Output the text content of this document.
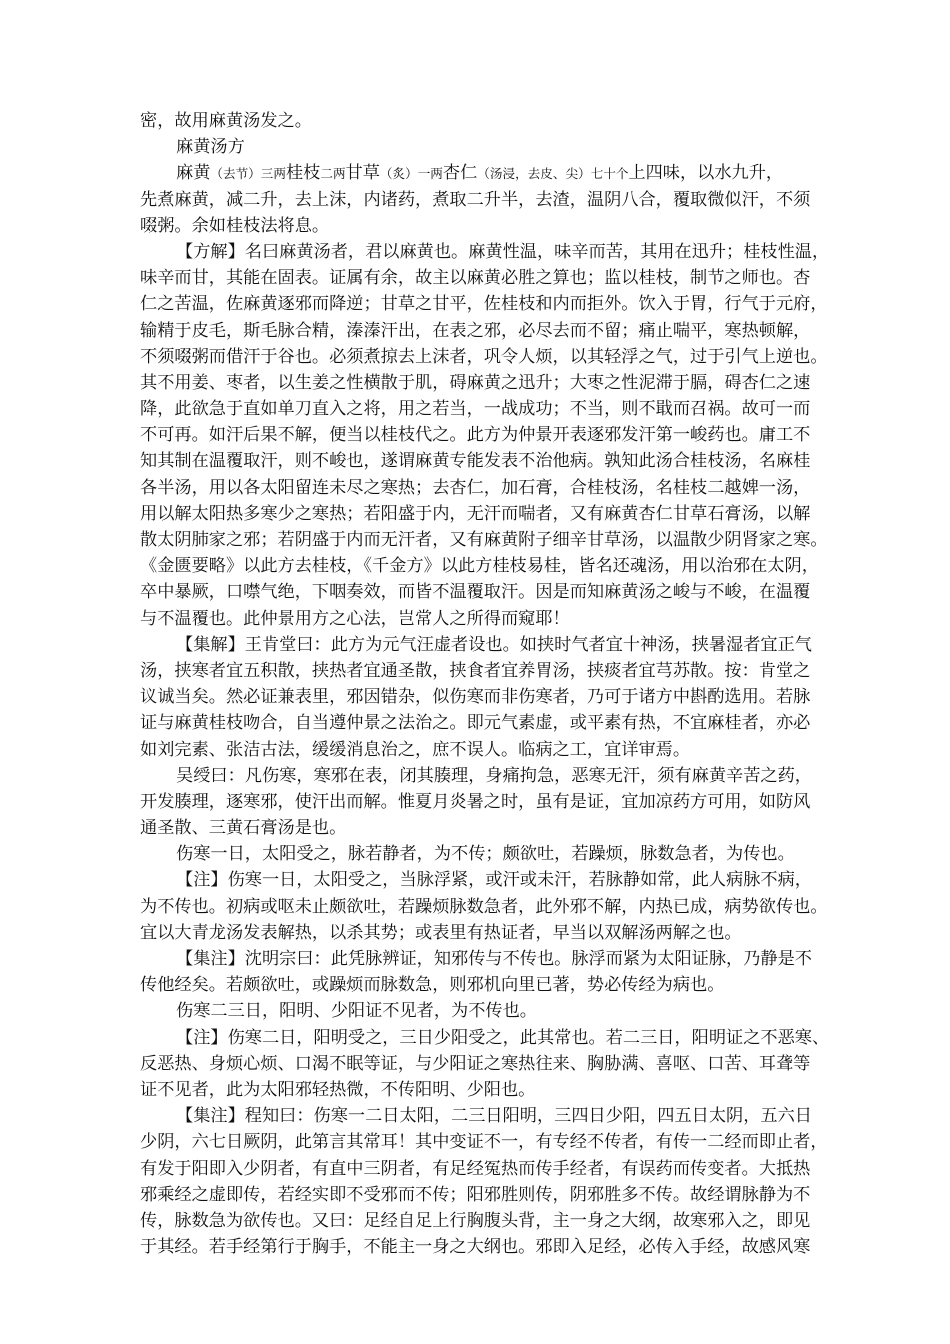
密，故用麻黄汤发之。
麻黄汤方
麻黄（去节）三两桂枝二两甘草（炙）一两杏仁（汤浸，去皮、尖）七十个上四味，以水九升，
先煮麻黄，减二升，去上沫，内诸药，煮取二升半，去渣，温阴八合，覆取微似汗，不须
啜粥。余如桂枝法将息。
【方解】名曰麻黄汤者，君以麻黄也。麻黄性温，味辛而苦，其用在迅升；桂枝性温，
味辛而甘，其能在固表。证属有余，故主以麻黄必胜之算也；监以桂枝，制节之师也。杏
仁之苦温，佐麻黄逐邪而降逆；甘草之甘平，佐桂枝和内而拒外。饮入于胃，行气于元府，
输精于皮毛，斯毛脉合精，溱溱汗出，在表之邪，必尽去而不留；痛止喘平，寒热顿解，
不须啜粥而借汗于谷也。必须煮掠去上沫者，巩令人烦，以其轻浮之气，过于引气上逆也。
其不用姜、枣者，以生姜之性横散于肌，碍麻黄之迅升；大枣之性泥滞于膈，碍杏仁之速
降，此欲急于直如单刀直入之将，用之若当，一战成功；不当，则不戢而召祸。故可一而
不可再。如汗后果不解，便当以桂枝代之。此方为仲景开表逐邪发汗第一峻药也。庸工不
知其制在温覆取汗，则不峻也，遂谓麻黄专能发表不治他病。孰知此汤合桂枝汤，名麻桂
各半汤，用以各太阳留连未尽之寒热；去杏仁，加石膏，合桂枝汤，名桂枝二越婢一汤，
用以解太阳热多寒少之寒热；若阳盛于内，无汗而喘者，又有麻黄杏仁甘草石膏汤，以解
散太阴肺家之邪；若阴盛于内而无汗者，又有麻黄附子细辛甘草汤，以温散少阴肾家之寒。
《金匮要略》以此方去桂枝，《千金方》以此方桂枝易桂，皆名还魂汤，用以治邪在太阴，
卒中暴厥，口噤气绝，下咽奏效，而皆不温覆取汗。因是而知麻黄汤之峻与不峻，在温覆
与不温覆也。此仲景用方之心法，岂常人之所得而窥耶！
【集解】王肯堂曰：此方为元气汪虚者设也。如挟时气者宜十神汤，挟暑湿者宜正气
汤，挟寒者宜五积散，挟热者宜通圣散，挟食者宜养胃汤，挟痰者宜芎苏散。按：肯堂之
议诚当矣。然必证兼表里，邪因错杂，似伤寒而非伤寒者，乃可于诸方中斟酌选用。若脉
证与麻黄桂枝吻合，自当遵仲景之法治之。即元气素虚，或平素有热，不宜麻桂者，亦必
如刘完素、张洁古法，缓缓消息治之，庶不误人。临病之工，宜详审焉。
吴绶曰：凡伤寒，寒邪在表，闭其腠理，身痛拘急，恶寒无汗，须有麻黄辛苦之药，
开发腠理，逐寒邪，使汗出而解。惟夏月炎暑之时，虽有是证，宜加凉药方可用，如防风
通圣散、三黄石膏汤是也。
伤寒一日，太阳受之，脉若静者，为不传；颇欲吐，若躁烦，脉数急者，为传也。
【注】伤寒一日，太阳受之，当脉浮紧，或汗或未汗，若脉静如常，此人病脉不病，
为不传也。初病或呕未止颇欲吐，若躁烦脉数急者，此外邪不解，内热已成，病势欲传也。
宜以大青龙汤发表解热，以杀其势；或表里有热证者，早当以双解汤两解之也。
【集注】沈明宗曰：此凭脉辨证，知邪传与不传也。脉浮而紧为太阳证脉，乃静是不
传他经矣。若颇欲吐，或躁烦而脉数急，则邪机向里已著，势必传经为病也。
伤寒二三日，阳明、少阳证不见者，为不传也。
【注】伤寒二日，阳明受之，三日少阳受之，此其常也。若二三日，阳明证之不恶寒、
反恶热、身烦心烦、口渴不眠等证，与少阳证之寒热往来、胸胁满、喜呕、口苦、耳聋等
证不见者，此为太阳邪轻热微，不传阳明、少阳也。
【集注】程知曰：伤寒一二日太阳，二三日阳明，三四日少阳，四五日太阴，五六日
少阴，六七日厥阴，此第言其常耳！其中变证不一，有专经不传者，有传一二经而即止者，
有发于阳即入少阴者，有直中三阴者，有足经冤热而传手经者，有误药而传变者。大抵热
邪乘经之虚即传，若经实即不受邪而不传；阳邪胜则传，阴邪胜多不传。故经谓脉静为不
传，脉数急为欲传也。又曰：足经自足上行胸腹头背，主一身之大纲，故寒邪入之，即见
于其经。若手经第行于胸手，不能主一身之大纲也。邪即入足经，必传入手经，故感风寒
